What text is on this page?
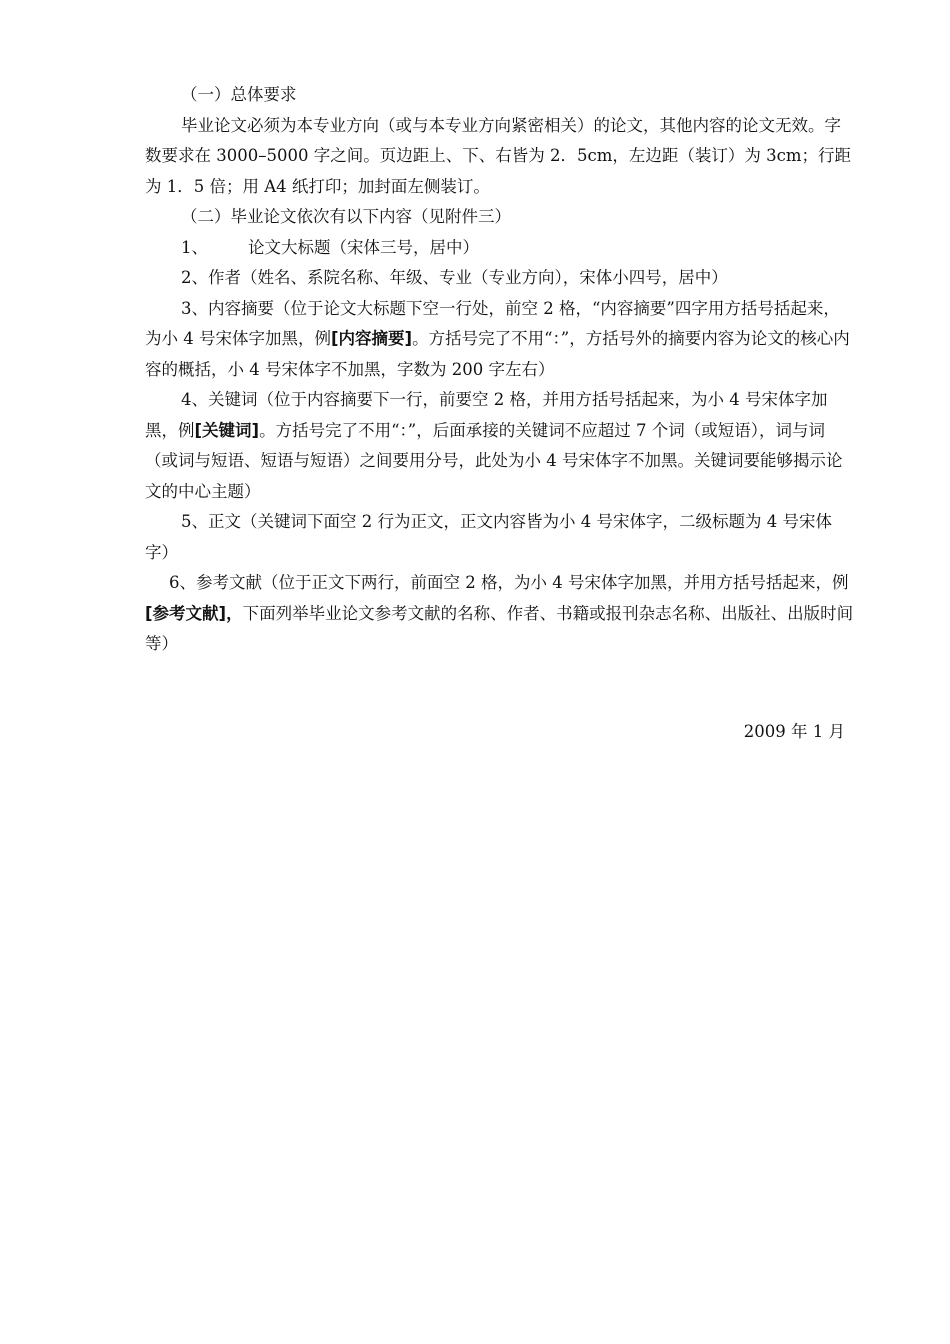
（一）总体要求

毕业论文必须为本专业方向（或与本专业方向紧密相关）的论文，其他内容的论文无效。字数要求在 3000–5000 字之间。页边距上、下、右皆为 2．5cm，左边距（装订）为 3cm；行距为 1．5 倍；用 A4 纸打印；加封面左侧装订。

（二）毕业论文依次有以下内容（见附件三）

1、 论文大标题（宋体三号，居中）

2、作者（姓名、系院名称、年级、专业（专业方向），宋体小四号，居中）

3、内容摘要（位于论文大标题下空一行处，前空 2 格，“内容摘要”四字用方括号括起来，为小 4 号宋体字加黑，例[内容摘要]。方括号完了不用“：”，方括号外的摘要内容为论文的核心内容的概括，小 4 号宋体字不加黑，字数为 200 字左右）

4、关键词（位于内容摘要下一行，前要空 2 格，并用方括号括起来，为小 4 号宋体字加黑，例[关键词]。方括号完了不用“：”，后面承接的关键词不应超过 7 个词（或短语），词与词（或词与短语、短语与短语）之间要用分号，此处为小 4 号宋体字不加黑。关键词要能够揭示论文的中心主题）

5、正文（关键词下面空 2 行为正文，正文内容皆为小 4 号宋体字，二级标题为 4 号宋体字）

6、参考文献（位于正文下两行，前面空 2 格，为小 4 号宋体字加黑，并用方括号括起来，例[参考文献]，下面列举毕业论文参考文献的名称、作者、书籍或报刊杂志名称、出版社、出版时间等）

2009 年 1 月
